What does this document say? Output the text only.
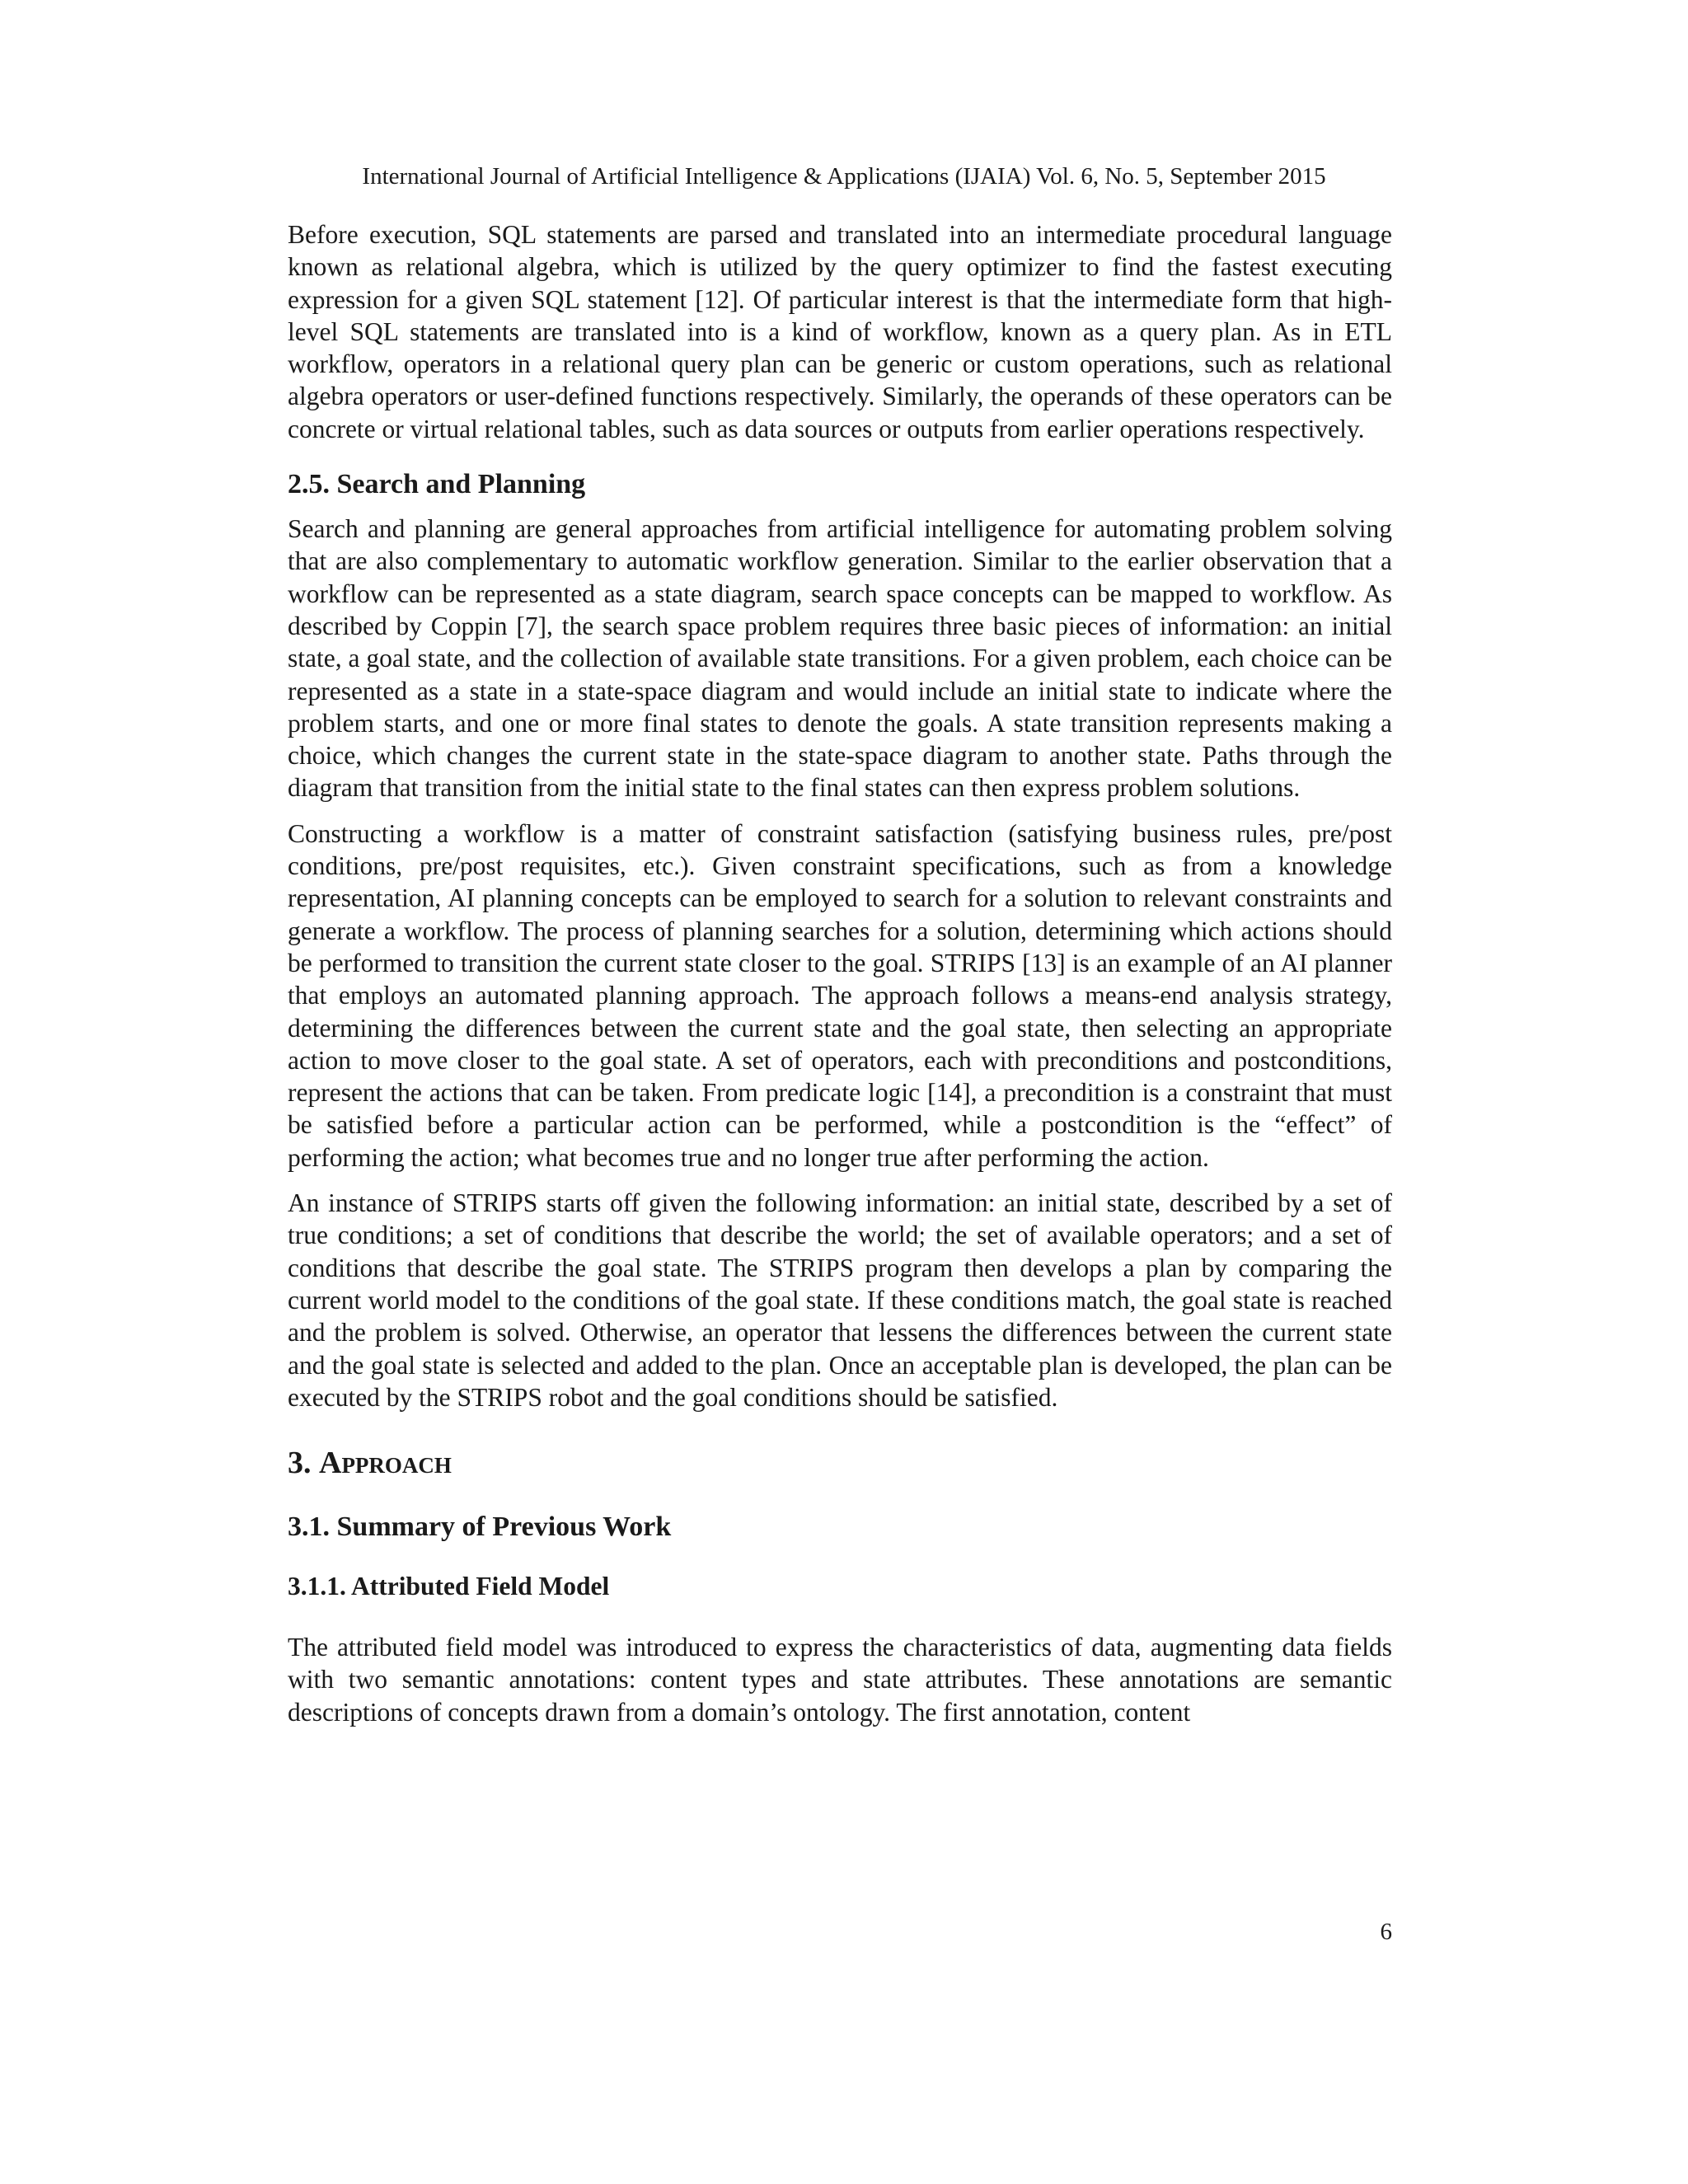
International Journal of Artificial Intelligence & Applications (IJAIA) Vol. 6, No. 5, September 2015

Before execution, SQL statements are parsed and translated into an intermediate procedural language known as relational algebra, which is utilized by the query optimizer to find the fastest executing expression for a given SQL statement [12]. Of particular interest is that the intermediate form that high-level SQL statements are translated into is a kind of workflow, known as a query plan. As in ETL workflow, operators in a relational query plan can be generic or custom operations, such as relational algebra operators or user-defined functions respectively. Similarly, the operands of these operators can be concrete or virtual relational tables, such as data sources or outputs from earlier operations respectively.

2.5. Search and Planning

Search and planning are general approaches from artificial intelligence for automating problem solving that are also complementary to automatic workflow generation. Similar to the earlier observation that a workflow can be represented as a state diagram, search space concepts can be mapped to workflow. As described by Coppin [7], the search space problem requires three basic pieces of information: an initial state, a goal state, and the collection of available state transitions. For a given problem, each choice can be represented as a state in a state-space diagram and would include an initial state to indicate where the problem starts, and one or more final states to denote the goals. A state transition represents making a choice, which changes the current state in the state-space diagram to another state. Paths through the diagram that transition from the initial state to the final states can then express problem solutions.

Constructing a workflow is a matter of constraint satisfaction (satisfying business rules, pre/post conditions, pre/post requisites, etc.). Given constraint specifications, such as from a knowledge representation, AI planning concepts can be employed to search for a solution to relevant constraints and generate a workflow. The process of planning searches for a solution, determining which actions should be performed to transition the current state closer to the goal. STRIPS [13] is an example of an AI planner that employs an automated planning approach. The approach follows a means-end analysis strategy, determining the differences between the current state and the goal state, then selecting an appropriate action to move closer to the goal state. A set of operators, each with preconditions and postconditions, represent the actions that can be taken. From predicate logic [14], a precondition is a constraint that must be satisfied before a particular action can be performed, while a postcondition is the “effect” of performing the action; what becomes true and no longer true after performing the action.

An instance of STRIPS starts off given the following information: an initial state, described by a set of true conditions; a set of conditions that describe the world; the set of available operators; and a set of conditions that describe the goal state. The STRIPS program then develops a plan by comparing the current world model to the conditions of the goal state. If these conditions match, the goal state is reached and the problem is solved. Otherwise, an operator that lessens the differences between the current state and the goal state is selected and added to the plan. Once an acceptable plan is developed, the plan can be executed by the STRIPS robot and the goal conditions should be satisfied.

3. Approach
3.1. Summary of Previous Work
3.1.1. Attributed Field Model

The attributed field model was introduced to express the characteristics of data, augmenting data fields with two semantic annotations: content types and state attributes. These annotations are semantic descriptions of concepts drawn from a domain’s ontology. The first annotation, content

6
